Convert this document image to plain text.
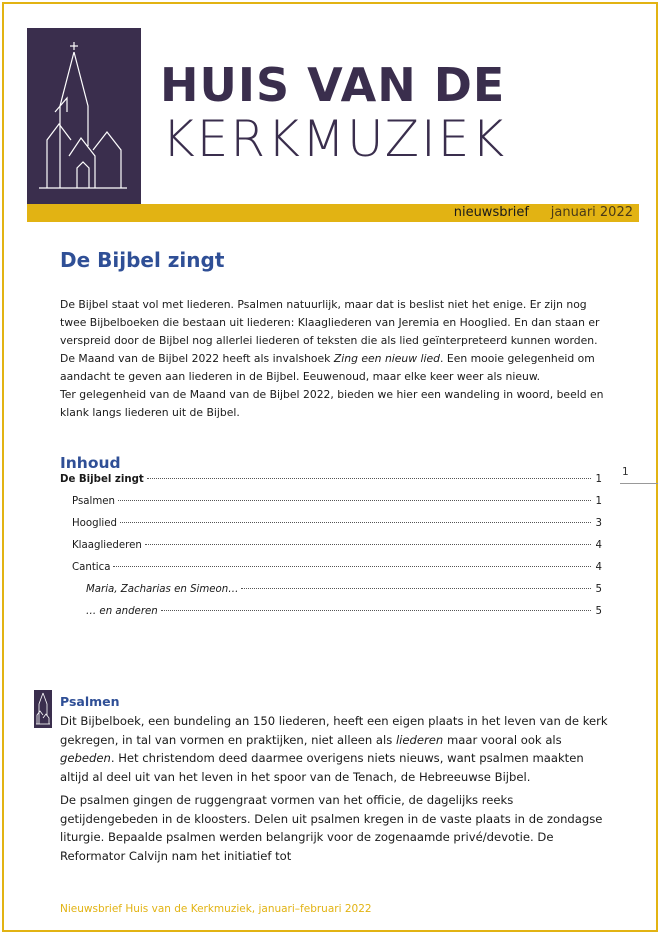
HUIS VAN DE
KERKMUZIEK
nieuwsbrief januari 2022
De Bijbel zingt

De Bijbel staat vol met liederen. Psalmen natuurlijk, maar dat is beslist niet het enige. Er zijn nog twee Bijbelboeken die bestaan uit liederen: Klaagliederen van Jeremia en Hooglied. En dan staan er verspreid door de Bijbel nog allerlei liederen of teksten die als lied geïnterpreteerd kunnen worden.

De Maand van de Bijbel 2022 heeft als invalshoek Zing een nieuw lied. Een mooie gelegenheid om aandacht te geven aan liederen in de Bijbel. Eeuwenoud, maar elke keer weer als nieuw.

Ter gelegenheid van de Maand van de Bijbel 2022, bieden we hier een wandeling in woord, beeld en klank langs liederen uit de Bijbel.

Inhoud
De Bijbel zingt	1
Psalmen	1
Hooglied	3
Klaagliederen	4
Cantica	4
Maria, Zacharias en Simeon…	5
… en anderen	5
1
Psalmen

Dit Bijbelboek, een bundeling an 150 liederen, heeft een eigen plaats in het leven van de kerk gekregen, in tal van vormen en praktijken, niet alleen als liederen maar vooral ook als gebeden. Het christendom deed daarmee overigens niets nieuws, want psalmen maakten altijd al deel uit van het leven in het spoor van de Tenach, de Hebreeuwse Bijbel.

De psalmen gingen de ruggengraat vormen van het officie, de dagelijks reeks getijdengebeden in de kloosters. Delen uit psalmen kregen in de vaste plaats in de zondagse liturgie. Bepaalde psalmen werden belangrijk voor de zogenaamde privé/devotie. De Reformator Calvijn nam het initiatief tot

Nieuwsbrief Huis van de Kerkmuziek, januari–februari 2022
